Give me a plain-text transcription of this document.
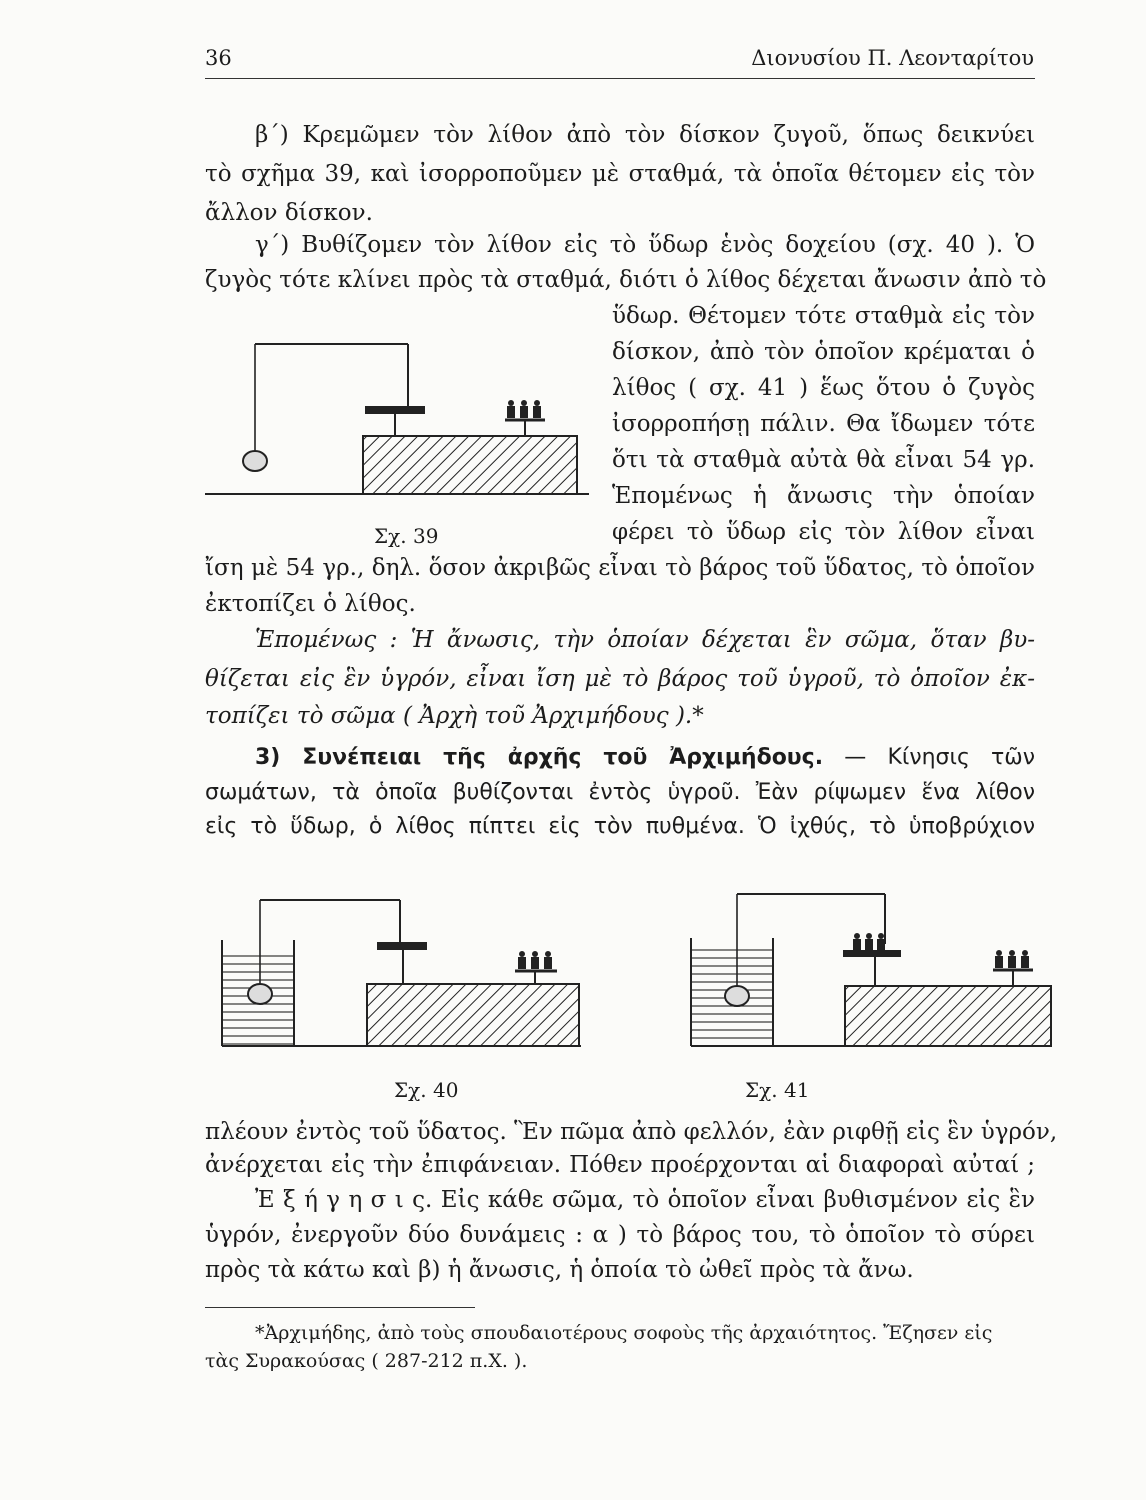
36	Διονυσίου Π. Λεονταρίτου
β΄) Κρεμῶμεν τὸν λίθον ἀπὸ τὸν δίσκον ζυγοῦ, ὅπως δεικνύει
τὸ σχῆμα 39, καὶ ἰσορροποῦμεν μὲ σταθμά, τὰ ὁποῖα θέτομεν εἰς τὸν
ἄλλον δίσκον.
γ΄) Βυθίζομεν τὸν λίθον εἰς τὸ ὕδωρ ἑνὸς δοχείου (σχ. 40 ). Ὁ
ζυγὸς τότε κλίνει πρὸς τὰ σταθμά, διότι ὁ λίθος δέχεται ἄνωσιν ἀπὸ τὸ
ὕδωρ. Θέτομεν τότε σταθμὰ εἰς τὸν
δίσκον, ἀπὸ τὸν ὁποῖον κρέμαται ὁ
λίθος ( σχ. 41 ) ἕως ὅτου ὁ ζυγὸς
ἰσορροπήσῃ πάλιν. Θα ἴδωμεν τότε
ὅτι τὰ σταθμὰ αὐτὰ θὰ εἶναι 54 γρ.
Ἑπομένως ἡ ἄνωσις τὴν ὁποίαν
φέρει τὸ ὕδωρ εἰς τὸν λίθον εἶναι
Σχ. 39
ἴση μὲ 54 γρ., δηλ. ὅσον ἀκριβῶς εἶναι τὸ βάρος τοῦ ὕδατος, τὸ ὁποῖον
ἐκτοπίζει ὁ λίθος.
Ἑπομένως : Ἡ ἄνωσις, τὴν ὁποίαν δέχεται ἓν σῶμα, ὅταν βυ-
θίζεται εἰς ἓν ὑγρόν, εἶναι ἴση μὲ τὸ βάρος τοῦ ὑγροῦ, τὸ ὁποῖον ἐκ-
τοπίζει τὸ σῶμα ( Ἀρχὴ τοῦ Ἀρχιμήδους ).*
3) Συνέπειαι τῆς ἀρχῆς τοῦ Ἀρχιμήδους. — Κίνησις τῶν
σωμάτων, τὰ ὁποῖα βυθίζονται ἐντὸς ὑγροῦ. Ἐὰν ρίψωμεν ἕνα λίθον
εἰς τὸ ὕδωρ, ὁ λίθος πίπτει εἰς τὸν πυθμένα. Ὁ ἰχθύς, τὸ ὑποβρύχιον
Σχ. 40	Σχ. 41
πλέουν ἐντὸς τοῦ ὕδατος. Ἓν πῶμα ἀπὸ φελλόν, ἐὰν ριφθῇ εἰς ἓν ὑγρόν,
ἀνέρχεται εἰς τὴν ἐπιφάνειαν. Πόθεν προέρχονται αἱ διαφοραὶ αὐταί ;
Ἐ ξ ή γ η σ ι ς. Εἰς κάθε σῶμα, τὸ ὁποῖον εἶναι βυθισμένον εἰς ἓν
ὑγρόν, ἐνεργοῦν δύο δυνάμεις : α ) τὸ βάρος του, τὸ ὁποῖον τὸ σύρει
πρὸς τὰ κάτω καὶ β) ἡ ἄνωσις, ἡ ὁποία τὸ ὠθεῖ πρὸς τὰ ἄνω.
*Ἀρχιμήδης, ἀπὸ τοὺς σπουδαιοτέρους σοφοὺς τῆς ἀρχαιότητος. Ἔζησεν εἰς
τὰς Συρακούσας ( 287-212 π.Χ. ).
